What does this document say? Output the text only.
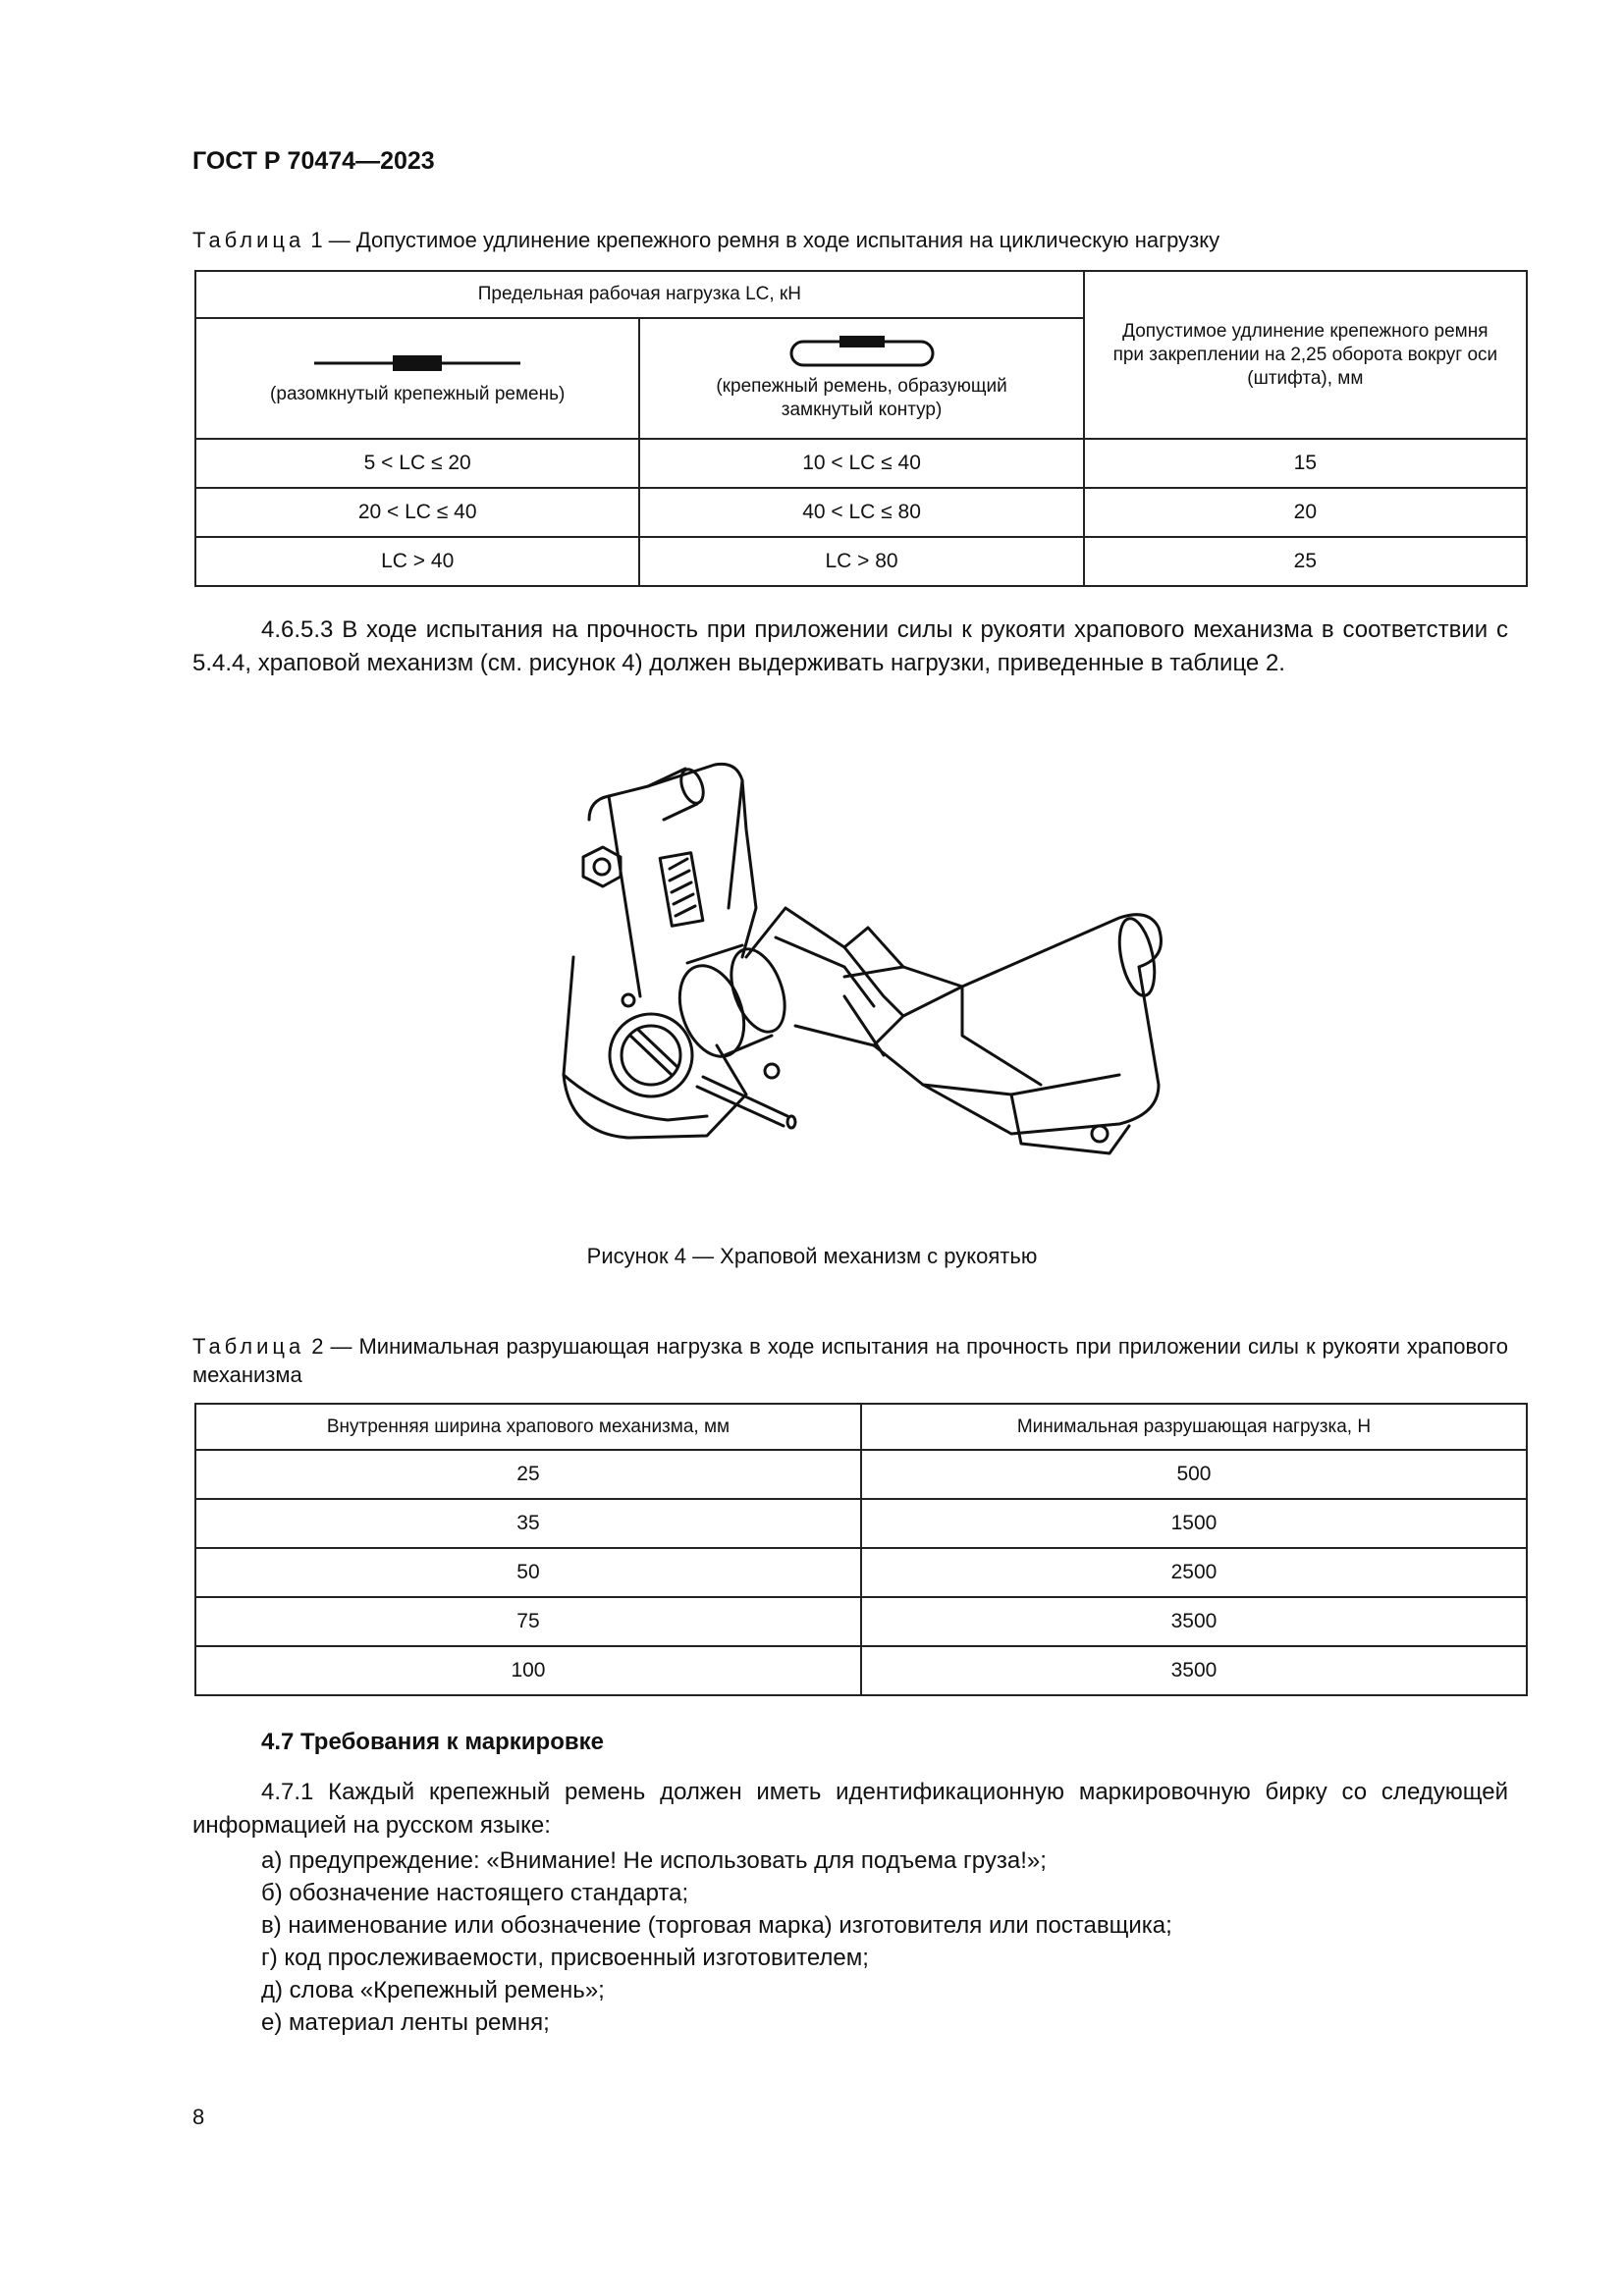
ГОСТ Р 70474—2023
Таблица 1 — Допустимое удлинение крепежного ремня в ходе испытания на циклическую нагрузку
Предельная рабочая нагрузка LC, кН		Допустимое удлинение крепежного ремня при закреплении на 2,25 оборота вокруг оси (штифта), мм

(разомкнутый крепежный ремень)	(крепежный ремень, образующий замкнутый контур)	

5 < LC ≤ 20	10 < LC ≤ 40	15
20 < LC ≤ 40	40 < LC ≤ 80	20
LC > 40	LC > 80	25
4.6.5.3 В ходе испытания на прочность при приложении силы к рукояти храпового механизма в соответствии с 5.4.4, храповой механизм (см. рисунок 4) должен выдерживать нагрузки, приведенные в таблице 2.
Рисунок 4 — Храповой механизм с рукоятью
Таблица 2 — Минимальная разрушающая нагрузка в ходе испытания на прочность при приложении силы к рукояти храпового механизма
Внутренняя ширина храпового механизма, мм	Минимальная разрушающая нагрузка, Н
25	500
35	1500
50	2500
75	3500
100	3500
4.7 Требования к маркировке
4.7.1 Каждый крепежный ремень должен иметь идентификационную маркировочную бирку со следующей информацией на русском языке:
а) предупреждение: «Внимание! Не использовать для подъема груза!»;
б) обозначение настоящего стандарта;
в) наименование или обозначение (торговая марка) изготовителя или поставщика;
г) код прослеживаемости, присвоенный изготовителем;
д) слова «Крепежный ремень»;
е) материал ленты ремня;
8
